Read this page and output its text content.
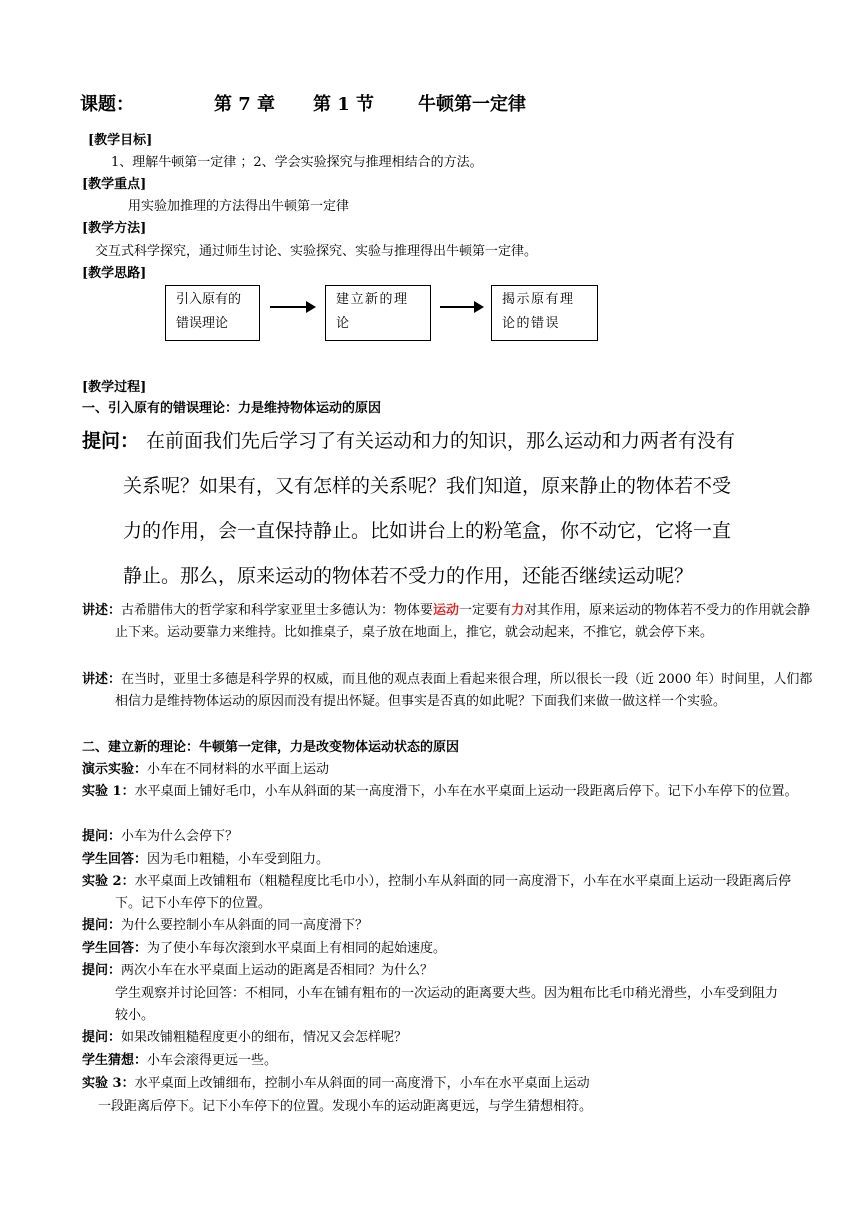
课题：	第 7 章 第 1 节 牛顿第一定律
[教学目标]
1、理解牛顿第一定律 ；2、学会实验探究与推理相结合的方法。
[教学重点]
用实验加推理的方法得出牛顿第一定律
[教学方法]
交互式科学探究，通过师生讨论、实验探究、实验与推理得出牛顿第一定律。
[教学思路]
引入原有的
错误理论
建立新的理
论
揭示原有理
论的错误
[教学过程]
一、引入原有的错误理论：力是维持物体运动的原因
提问： 在前面我们先后学习了有关运动和力的知识，那么运动和力两者有没有
关系呢？如果有，又有怎样的关系呢？我们知道，原来静止的物体若不受
力的作用，会一直保持静止。比如讲台上的粉笔盒，你不动它，它将一直
静止。那么，原来运动的物体若不受力的作用，还能否继续运动呢？
讲述：古希腊伟大的哲学家和科学家亚里士多德认为：物体要运动一定要有力对其作用，原来运动的物体若不受力的作用就会静止下来。运动要靠力来维持。比如推桌子，桌子放在地面上，推它，就会动起来，不推它，就会停下来。
讲述：在当时，亚里士多德是科学界的权威，而且他的观点表面上看起来很合理，所以很长一段（近 2000 年）时间里，人们都相信力是维持物体运动的原因而没有提出怀疑。但事实是否真的如此呢？下面我们来做一做这样一个实验。
二、建立新的理论：牛顿第一定律，力是改变物体运动状态的原因
演示实验：小车在不同材料的水平面上运动
实验 1：水平桌面上铺好毛巾，小车从斜面的某一高度滑下，小车在水平桌面上运动一段距离后停下。记下小车停下的位置。
提问：小车为什么会停下？
学生回答：因为毛巾粗糙，小车受到阻力。
实验 2：水平桌面上改铺粗布（粗糙程度比毛巾小），控制小车从斜面的同一高度滑下，小车在水平桌面上运动一段距离后停下。记下小车停下的位置。
提问：为什么要控制小车从斜面的同一高度滑下？
学生回答：为了使小车每次滚到水平桌面上有相同的起始速度。
提问：两次小车在水平桌面上运动的距离是否相同？为什么？
学生观察并讨论回答：不相同，小车在铺有粗布的一次运动的距离要大些。因为粗布比毛巾稍光滑些，小车受到阻力较小。
提问：如果改铺粗糙程度更小的细布，情况又会怎样呢？
学生猜想：小车会滚得更远一些。
实验 3：水平桌面上改铺细布，控制小车从斜面的同一高度滑下，小车在水平桌面上运动
一段距离后停下。记下小车停下的位置。发现小车的运动距离更远，与学生猜想相符。
